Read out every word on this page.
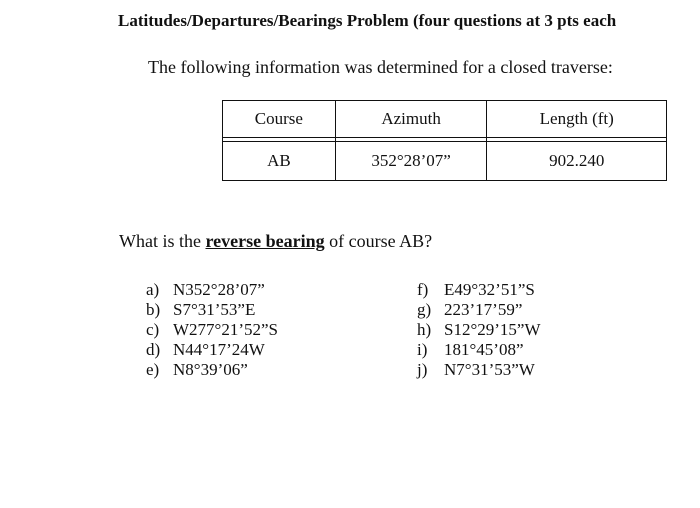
Latitudes/Departures/Bearings Problem (four questions at 3 pts each
The following information was determined for a closed traverse:
Course	Azimuth	Length (ft)

AB	352°28’07”	902.240
What is the reverse bearing of course AB?
a) N352°28’07”
b) S7°31’53”E
c) W277°21’52”S
d) N44°17’24W
e) N8°39’06”
f) E49°32’51”S
g) 223’17’59”
h) S12°29’15”W
i) 181°45’08”
j) N7°31’53”W
